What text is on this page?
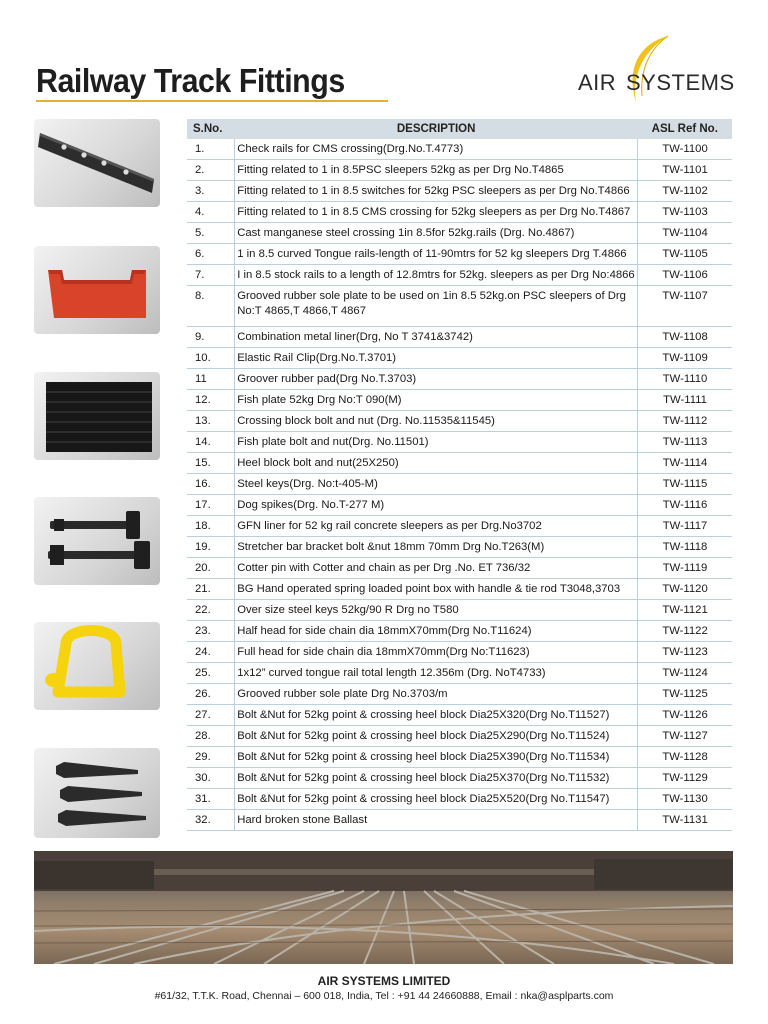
Railway Track Fittings	AIR SYSTEMS
S.No.	DESCRIPTION	ASL Ref No.
1.	Check rails for CMS crossing(Drg.No.T.4773)	TW-1100
2.	Fitting related to 1 in 8.5PSC sleepers 52kg as per Drg No.T4865	TW-1101
3.	Fitting related to 1 in 8.5 switches for 52kg PSC sleepers as per Drg No.T4866	TW-1102
4.	Fitting related to 1 in 8.5 CMS crossing for 52kg sleepers as per Drg No.T4867	TW-1103
5.	Cast manganese steel crossing 1in 8.5for 52kg.rails (Drg. No.4867)	TW-1104
6.	1 in 8.5 curved Tongue rails-length of 11-90mtrs for 52 kg sleepers Drg T.4866	TW-1105
7.	I in 8.5 stock rails to a length of 12.8mtrs for 52kg. sleepers as per Drg No:4866	TW-1106
8.	Grooved rubber sole plate to be used on 1in 8.5 52kg.on PSC sleepers of Drg No:T 4865,T 4866,T 4867	TW-1107
9.	Combination metal liner(Drg, No T 3741&3742)	TW-1108
10.	Elastic Rail Clip(Drg.No.T.3701)	TW-1109
11	Groover rubber pad(Drg No.T.3703)	TW-1110
12.	Fish plate 52kg Drg No:T 090(M)	TW-1111
13.	Crossing block bolt and nut (Drg. No.11535&11545)	TW-1112
14.	Fish plate bolt and nut(Drg. No.11501)	TW-1113
15.	Heel block bolt and nut(25X250)	TW-1114
16.	Steel keys(Drg. No:t-405-M)	TW-1115
17.	Dog spikes(Drg. No.T-277 M)	TW-1116
18.	GFN liner for 52 kg rail concrete sleepers as per Drg.No3702	TW-1117
19.	Stretcher bar bracket bolt &nut 18mm 70mm Drg No.T263(M)	TW-1118
20.	Cotter pin with Cotter and chain as per Drg .No. ET 736/32	TW-1119
21.	BG Hand operated spring loaded point box with handle & tie rod T3048,3703	TW-1120
22.	Over size steel keys 52kg/90 R Drg no T580	TW-1121
23.	Half head for side chain dia 18mmX70mm(Drg No.T11624)	TW-1122
24.	Full head for side chain dia 18mmX70mm(Drg No:T11623)	TW-1123
25.	1x12” curved tongue rail total length 12.356m (Drg. NoT4733)	TW-1124
26.	Grooved rubber sole plate Drg No.3703/m	TW-1125
27.	Bolt &Nut for 52kg point & crossing heel block Dia25X320(Drg No.T11527)	TW-1126
28.	Bolt &Nut for 52kg point & crossing heel block Dia25X290(Drg No.T11524)	TW-1127
29.	Bolt &Nut for 52kg point & crossing heel block Dia25X390(Drg No.T11534)	TW-1128
30.	Bolt &Nut for 52kg point & crossing heel block Dia25X370(Drg No.T11532)	TW-1129
31.	Bolt &Nut for 52kg point & crossing heel block Dia25X520(Drg No.T11547)	TW-1130
32.	Hard broken stone Ballast	TW-1131
AIR SYSTEMS LIMITED
#61/32, T.T.K. Road, Chennai – 600 018, India, Tel : +91 44 24660888, Email : nka@asplparts.com
